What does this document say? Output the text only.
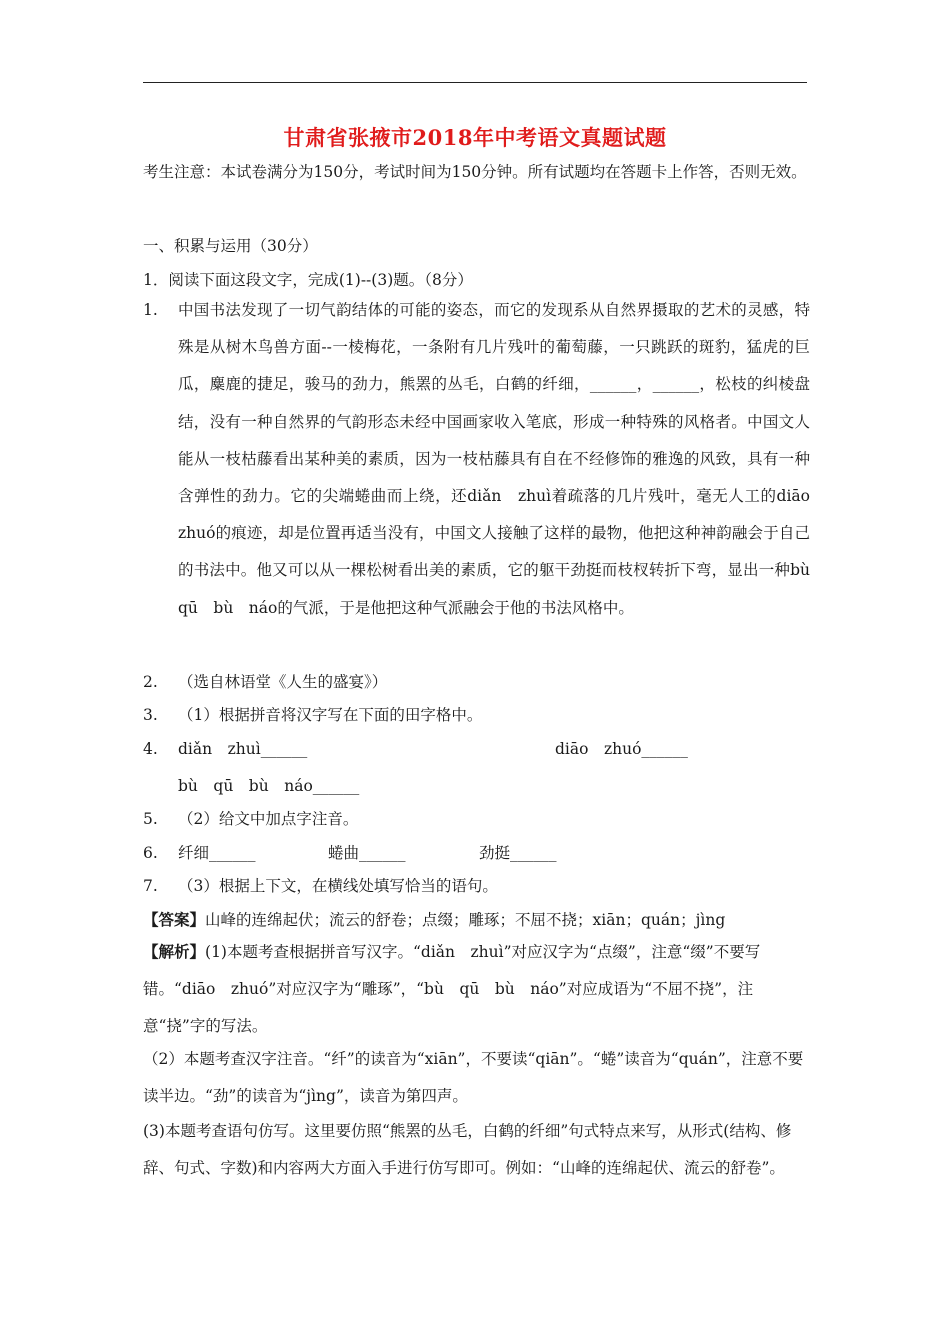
甘肃省张掖市2018年中考语文真题试题
考生注意：本试卷满分为150分，考试时间为150分钟。所有试题均在答题卡上作答，否则无效。
一、积累与运用（30分）
1．阅读下面这段文字，完成(1)--(3)题。（8分）
1. 中国书法发现了一切气韵结体的可能的姿态，而它的发现系从自然界摄取的艺术的灵感，特殊是从树木鸟兽方面--一棱梅花，一条附有几片残叶的葡萄藤，一只跳跃的斑豹，猛虎的巨瓜，麋鹿的捷足，骏马的劲力，熊罴的丛毛，白鹤的纤细，______，______，松枝的纠棱盘结，没有一种自然界的气韵形态未经中国画家收入笔底，形成一种特殊的风格者。中国文人能从一枝枯藤看出某种美的素质，因为一枝枯藤具有自在不经修饰的雅逸的风致，具有一种含弹性的劲力。它的尖端蜷曲而上绕，还diǎn　zhuì着疏落的几片残叶，毫无人工的diāo　zhuó的痕迹，却是位置再适当没有，中国文人接触了这样的最物，他把这种神韵融会于自己的书法中。他又可以从一棵松树看出美的素质，它的躯干劲挺而枝杈转折下弯，显出一种bù　qū　bù　náo的气派，于是他把这种气派融会于他的书法风格中。
2. （选自林语堂《人生的盛宴》）
3. （1）根据拼音将汉字写在下面的田字格中。
4. diǎn　zhuì______	diāo　zhuó______
bù　qū　bù　náo______
5. （2）给文中加点字注音。
6. 纤细______	蜷曲______	劲挺______
7. （3）根据上下文，在横线处填写恰当的语句。
【答案】山峰的连绵起伏；流云的舒卷；点缀；雕琢；不屈不挠；xiān；quán；jìng
【解析】(1)本题考查根据拼音写汉字。“diǎn　zhuì”对应汉字为“点缀”，注意“缀”不要写错。“diāo　zhuó”对应汉字为“雕琢”，“bù　qū　bù　náo”对应成语为“不屈不挠”，注意“挠”字的写法。
（2）本题考查汉字注音。“纤”的读音为“xiān”，不要读“qiān”。“蜷”读音为“quán”，注意不要读半边。“劲”的读音为“jìng”，读音为第四声。
(3)本题考查语句仿写。这里要仿照“熊罴的丛毛，白鹤的纤细”句式特点来写，从形式(结构、修辞、句式、字数)和内容两大方面入手进行仿写即可。例如：“山峰的连绵起伏、流云的舒卷”。
